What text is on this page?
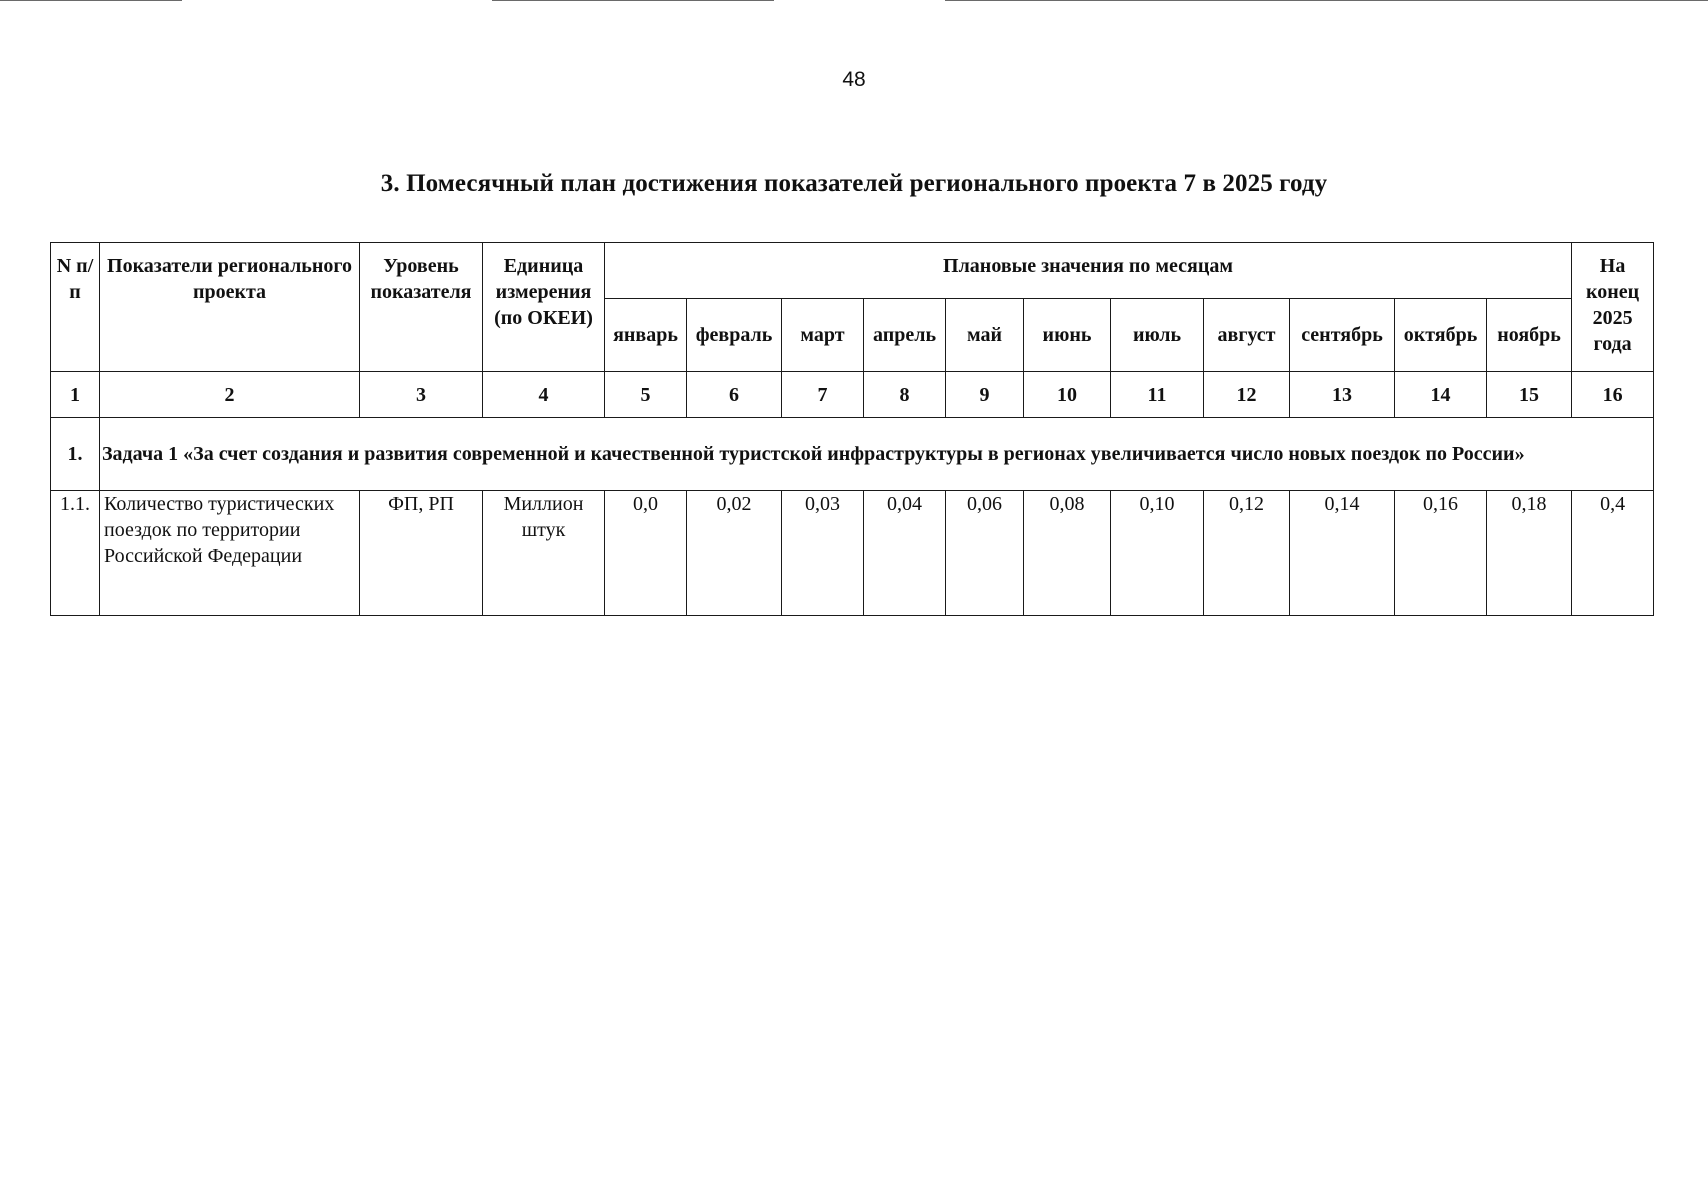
48
3. Помесячный план достижения показателей регионального проекта 7 в 2025 году
N п/п	Показатели регионального проекта	Уровень показателя	Единица измерения (по ОКЕИ)	Плановые значения по месяцам											На конец 2025 года
				январь	февраль	март	апрель	май	июнь	июль	август	сентябрь	октябрь	ноябрь	
1	2	3	4	5	6	7	8	9	10	11	12	13	14	15	16
1.	Задача 1 «За счет создания и развития современной и качественной туристской инфраструктуры в регионах увеличивается число новых поездок по России»														
1.1.	Количество туристических поездок по территории Российской Федерации	ФП, РП	Миллион штук	0,0	0,02	0,03	0,04	0,06	0,08	0,10	0,12	0,14	0,16	0,18	0,4
